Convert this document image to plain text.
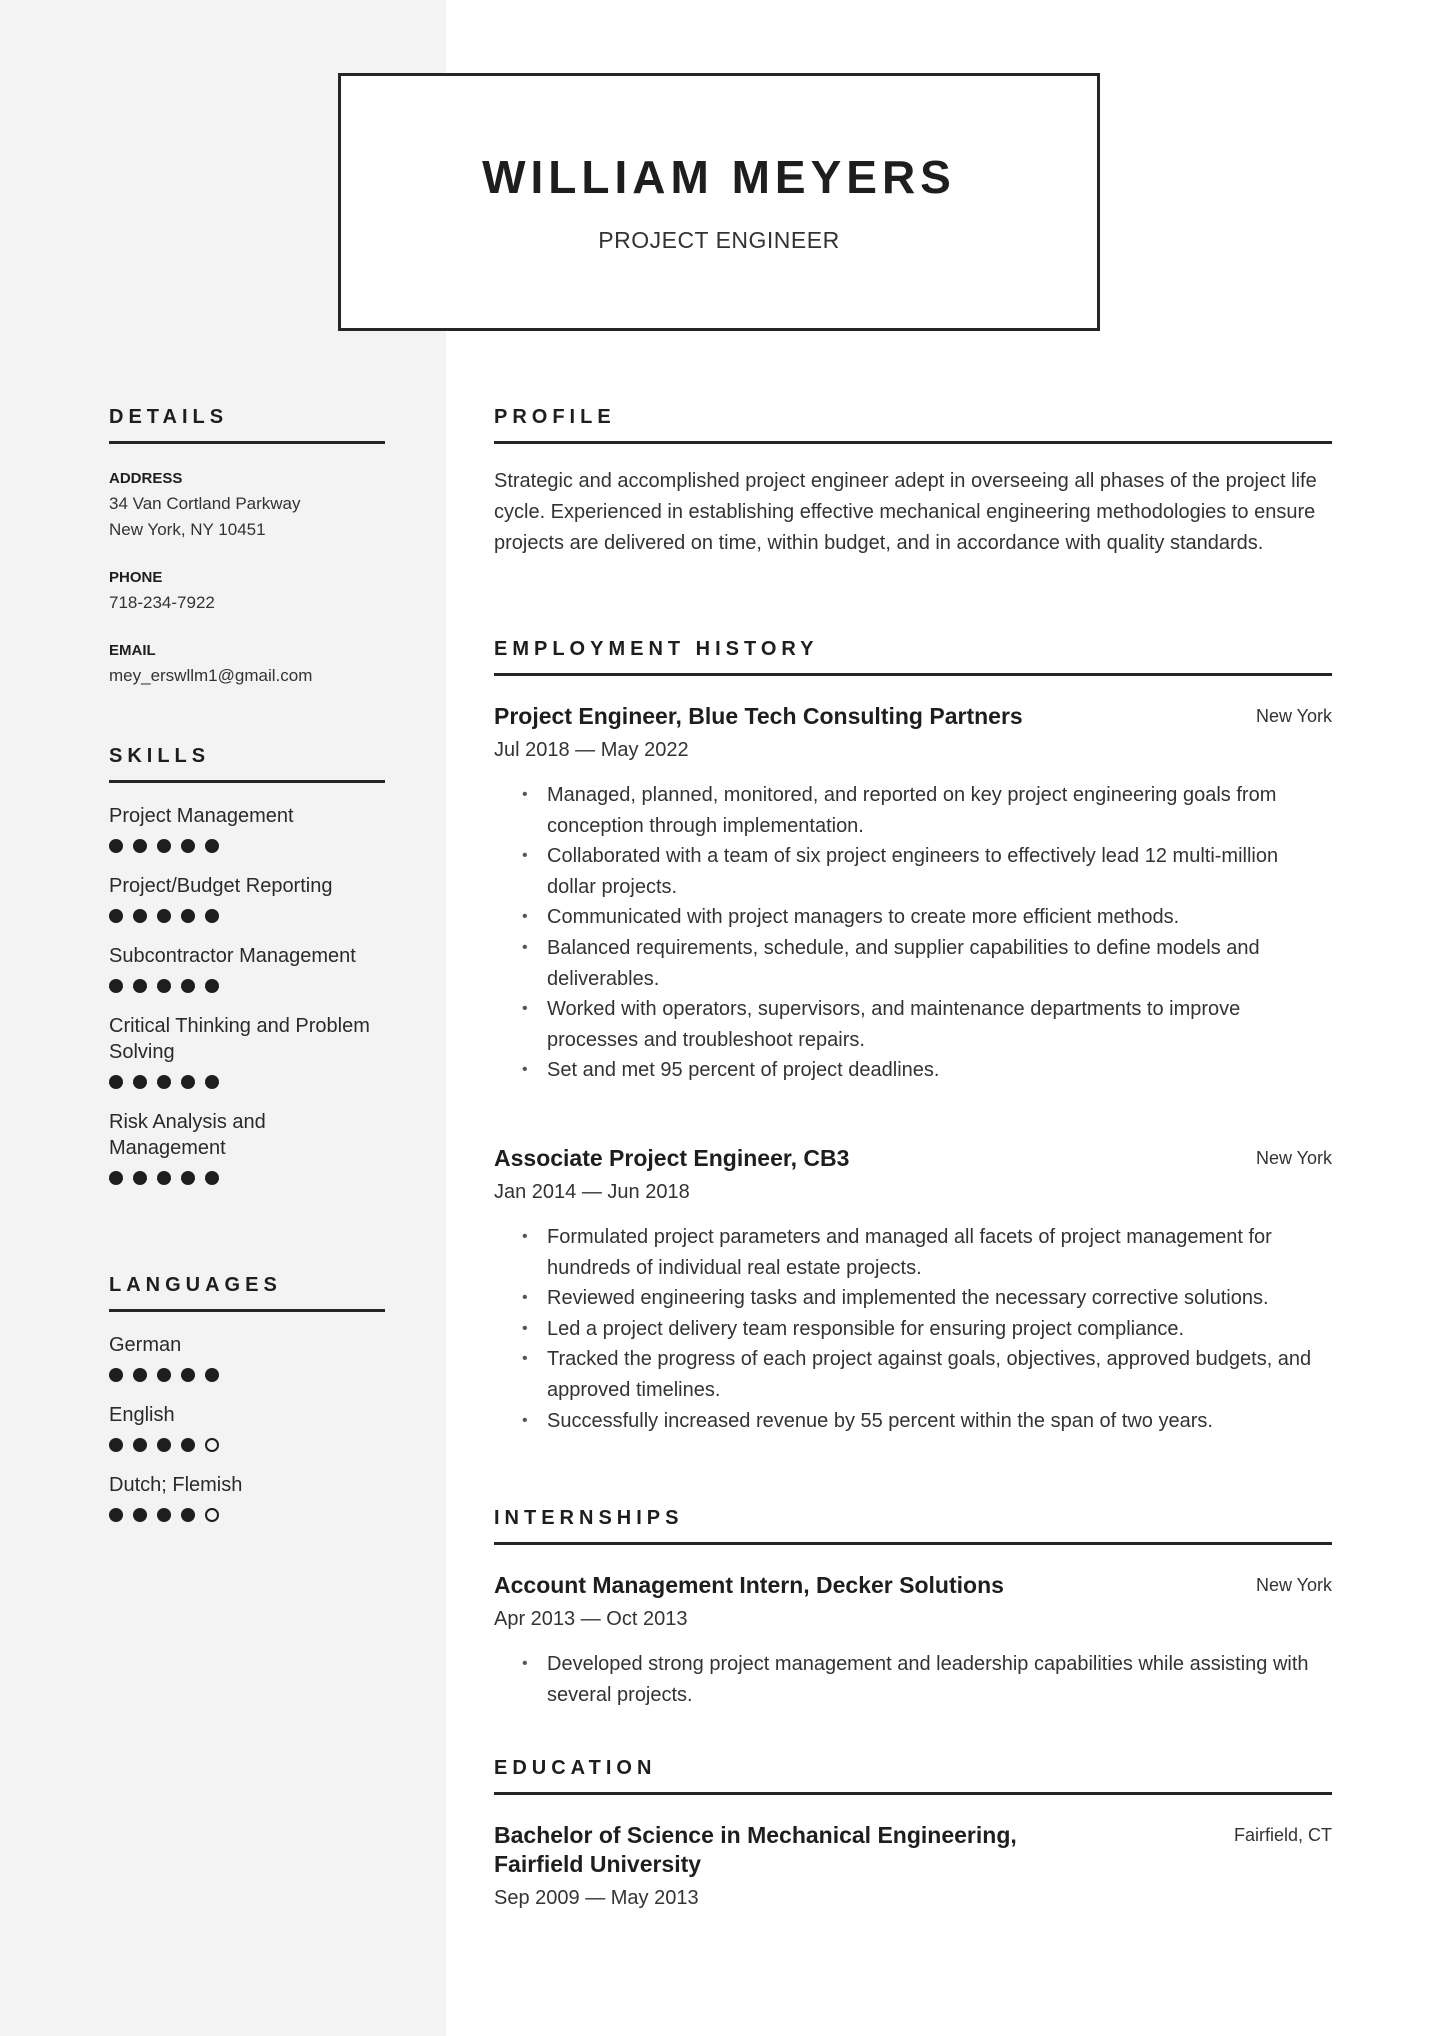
WILLIAM MEYERS
PROJECT ENGINEER
DETAILS
ADDRESS
34 Van Cortland Parkway
New York, NY 10451
PHONE
718-234-7922
EMAIL
mey_erswllm1@gmail.com
SKILLS
Project Management
Project/Budget Reporting
Subcontractor Management
Critical Thinking and Problem Solving
Risk Analysis and Management
LANGUAGES
German
English
Dutch; Flemish
PROFILE
Strategic and accomplished project engineer adept in overseeing all phases of the project life cycle. Experienced in establishing effective mechanical engineering methodologies to ensure projects are delivered on time, within budget, and in accordance with quality standards.
EMPLOYMENT HISTORY
Project Engineer, Blue Tech Consulting Partners	New York
Jul 2018 — May 2022
• Managed, planned, monitored, and reported on key project engineering goals from conception through implementation.
• Collaborated with a team of six project engineers to effectively lead 12 multi-million dollar projects.
• Communicated with project managers to create more efficient methods.
• Balanced requirements, schedule, and supplier capabilities to define models and deliverables.
• Worked with operators, supervisors, and maintenance departments to improve processes and troubleshoot repairs.
• Set and met 95 percent of project deadlines.
Associate Project Engineer, CB3	New York
Jan 2014 — Jun 2018
• Formulated project parameters and managed all facets of project management for hundreds of individual real estate projects.
• Reviewed engineering tasks and implemented the necessary corrective solutions.
• Led a project delivery team responsible for ensuring project compliance.
• Tracked the progress of each project against goals, objectives, approved budgets, and approved timelines.
• Successfully increased revenue by 55 percent within the span of two years.
INTERNSHIPS
Account Management Intern, Decker Solutions	New York
Apr 2013 — Oct 2013
• Developed strong project management and leadership capabilities while assisting with several projects.
EDUCATION
Bachelor of Science in Mechanical Engineering, Fairfield University
Fairfield, CT
Sep 2009 — May 2013
